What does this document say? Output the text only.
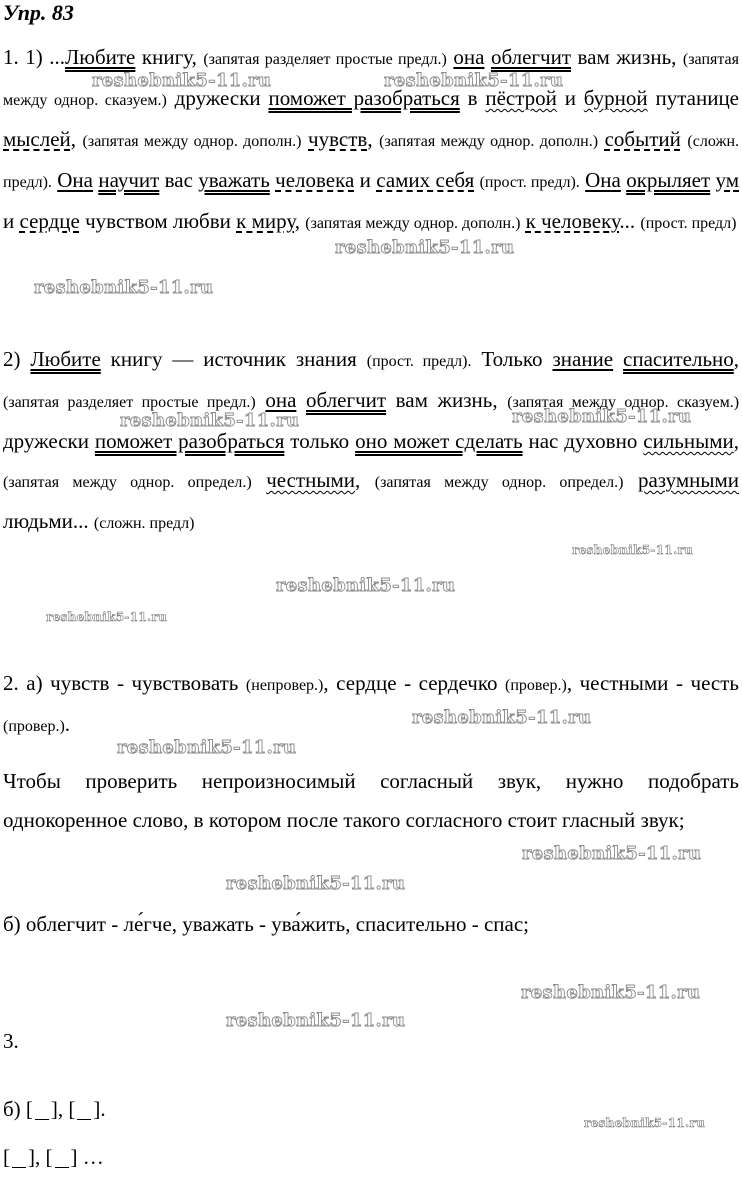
Упр. 83
1. 1) ...Любите книгу, (запятая разделяет простые предл.) она облегчит вам жизнь, (запятая между однор. сказуем.) дружески поможет разобраться в пёстрой и бурной путанице мыслей, (запятая между однор. дополн.) чувств, (запятая между однор. дополн.) событий (сложн. предл). Она научит вас уважать человека и самих себя (прост. предл). Она окрыляет ум и сердце чувством любви к миру, (запятая между однор. дополн.) к человеку... (прост. предл)
2) Любите книгу — источник знания (прост. предл). Только знание спасительно, (запятая разделяет простые предл.) она облегчит вам жизнь, (запятая между однор. сказуем.) дружески поможет разобраться только оно может сделать нас духовно сильными, (запятая между однор. определ.) честными, (запятая между однор. определ.) разумными людьми... (сложн. предл)
2. а) чувств - чувствовать (непровер.), сердце - сердечко (провер.), честными - честь (провер.).
Чтобы проверить непроизносимый согласный звук, нужно подобрать однокоренное слово, в котором после такого согласного стоит гласный звук;
б) облегчит - ле́гче, уважать - ува́жить, спасительно - спас;
3.
б) [ ], [ ].
[ ], [ ] …
reshebnik5-11.ru	reshebnik5-11.ru
reshebnik5-11.ru
reshebnik5-11.ru
reshebnik5-11.ru	reshebnik5-11.ru
reshebnik5-11.ru
reshebnik5-11.ru
reshebnik5-11.ru
reshebnik5-11.ru
reshebnik5-11.ru
reshebnik5-11.ru
reshebnik5-11.ru
reshebnik5-11.ru
reshebnik5-11.ru
reshebnik5-11.ru
